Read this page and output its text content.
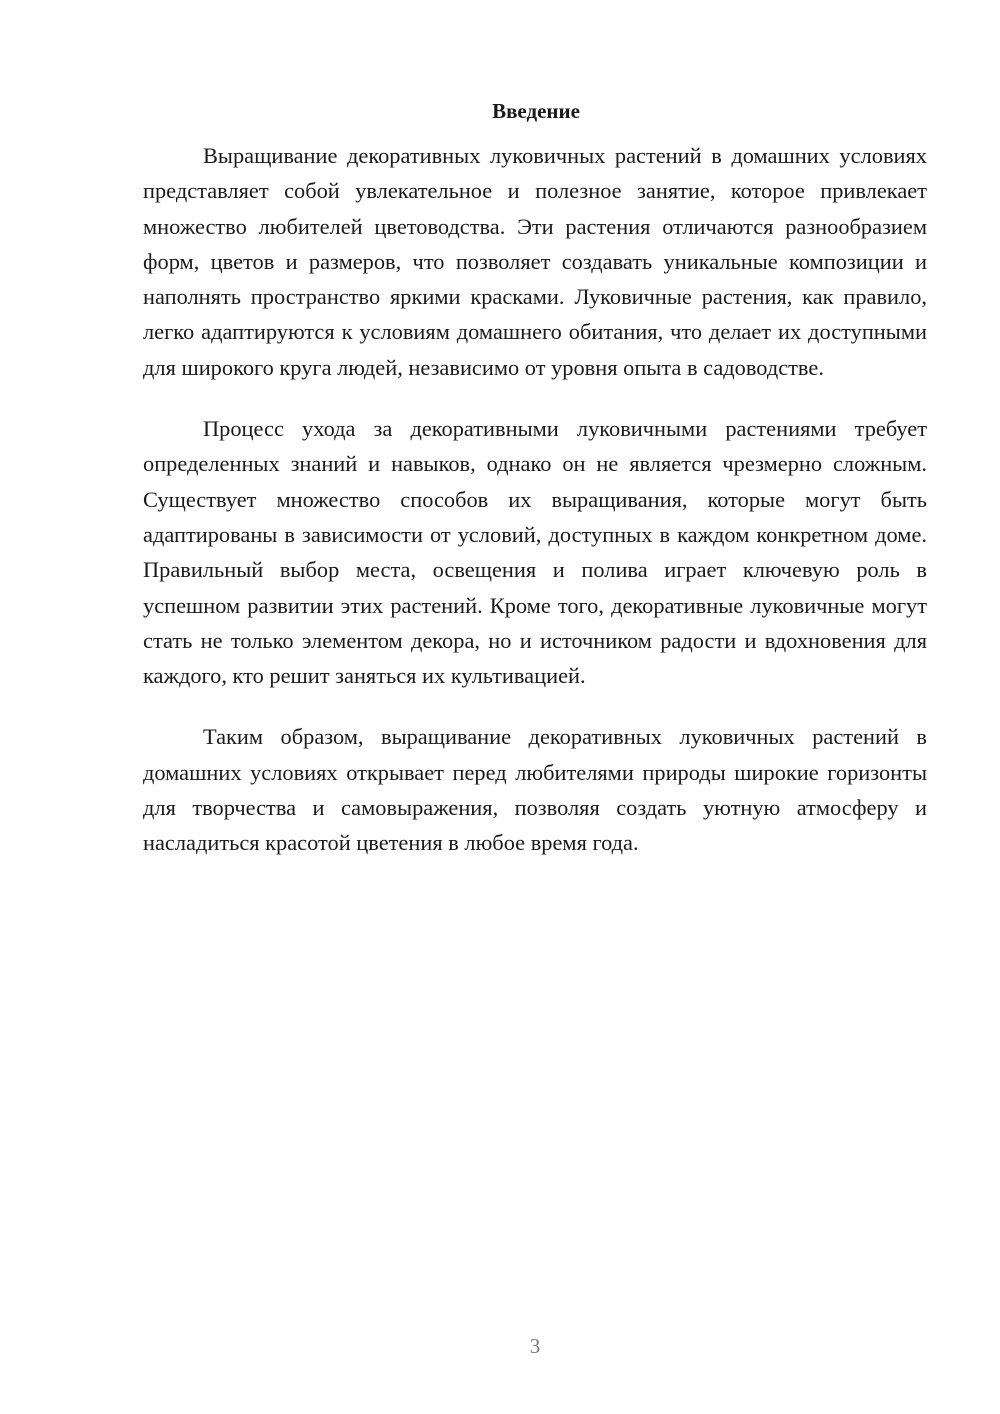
Введение

Выращивание декоративных луковичных растений в домашних условиях представляет собой увлекательное и полезное занятие, которое привлекает множество любителей цветоводства. Эти растения отличаются разнообразием форм, цветов и размеров, что позволяет создавать уникальные композиции и наполнять пространство яркими красками. Луковичные растения, как правило, легко адаптируются к условиям домашнего обитания, что делает их доступными для широкого круга людей, независимо от уровня опыта в садоводстве.

Процесс ухода за декоративными луковичными растениями требует определенных знаний и навыков, однако он не является чрезмерно сложным. Существует множество способов их выращивания, которые могут быть адаптированы в зависимости от условий, доступных в каждом конкретном доме. Правильный выбор места, освещения и полива играет ключевую роль в успешном развитии этих растений. Кроме того, декоративные луковичные могут стать не только элементом декора, но и источником радости и вдохновения для каждого, кто решит заняться их культивацией.

Таким образом, выращивание декоративных луковичных растений в домашних условиях открывает перед любителями природы широкие горизонты для творчества и самовыражения, позволяя создать уютную атмосферу и насладиться красотой цветения в любое время года.

3
